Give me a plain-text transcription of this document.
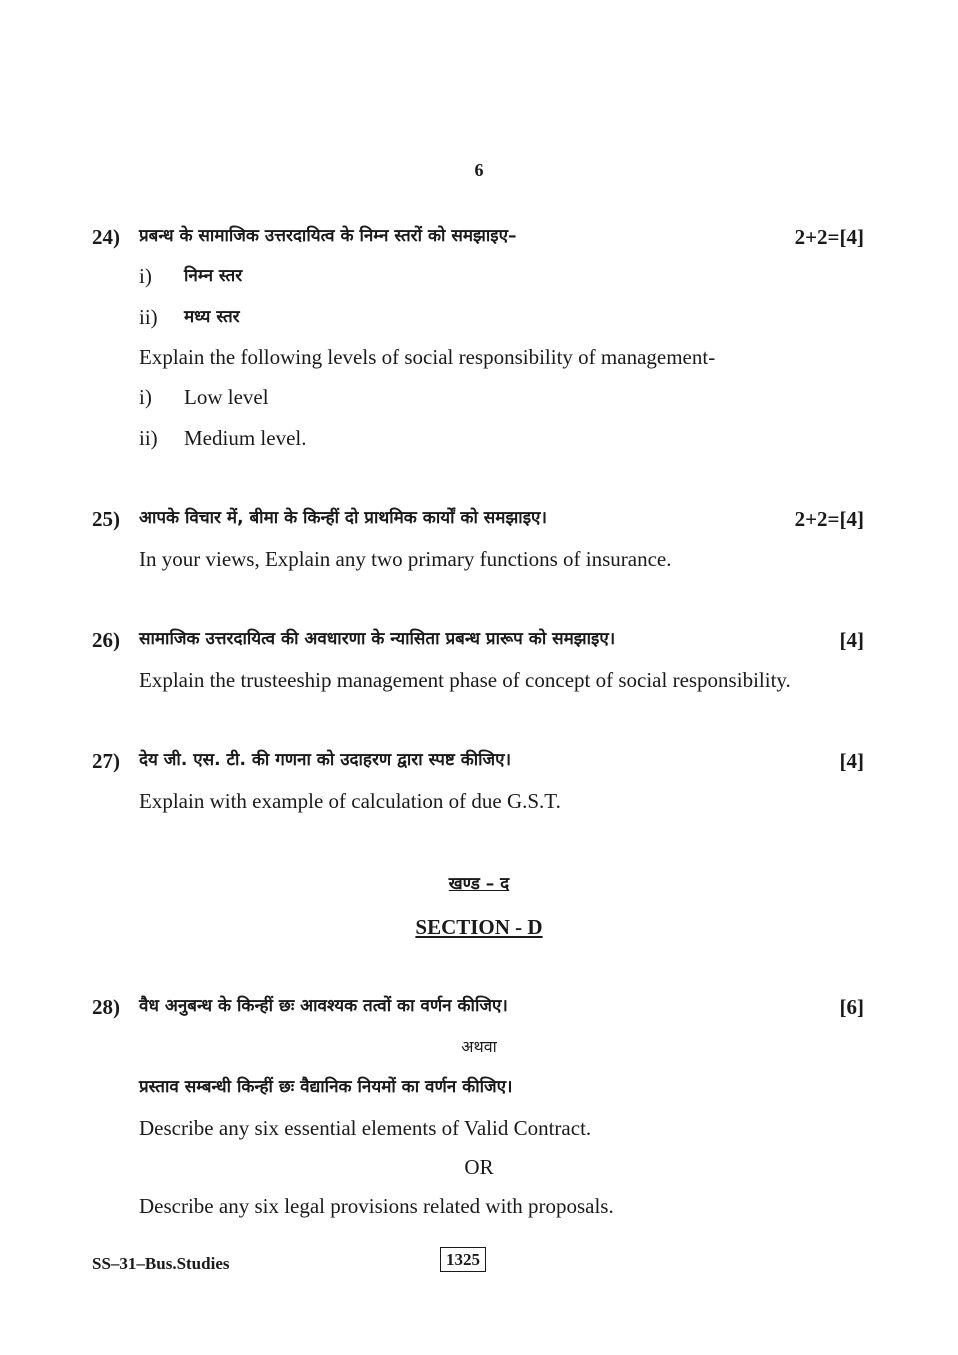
6
24) प्रबन्ध के सामाजिक उत्तरदायित्व के निम्न स्तरों को समझाइए–	2+2=[4]
i) निम्न स्तर
ii) मध्य स्तर
Explain the following levels of social responsibility of management-
i) Low level
ii) Medium level.
25) आपके विचार में, बीमा के किन्हीं दो प्राथमिक कार्यों को समझाइए।	2+2=[4]
In your views, Explain any two primary functions of insurance.
26) सामाजिक उत्तरदायित्व की अवधारणा के न्यासिता प्रबन्ध प्रारूप को समझाइए।	[4]
Explain the trusteeship management phase of concept of social responsibility.
27) देय जी. एस. टी. की गणना को उदाहरण द्वारा स्पष्ट कीजिए।	[4]
Explain with example of calculation of due G.S.T.
खण्ड – द
SECTION - D
28) वैध अनुबन्ध के किन्हीं छः आवश्यक तत्वों का वर्णन कीजिए।	[6]
अथवा
प्रस्ताव सम्बन्धी किन्हीं छः वैद्यानिक नियमों का वर्णन कीजिए।
Describe any six essential elements of Valid Contract.
OR
Describe any six legal provisions related with proposals.
SS–31–Bus.Studies	1325
